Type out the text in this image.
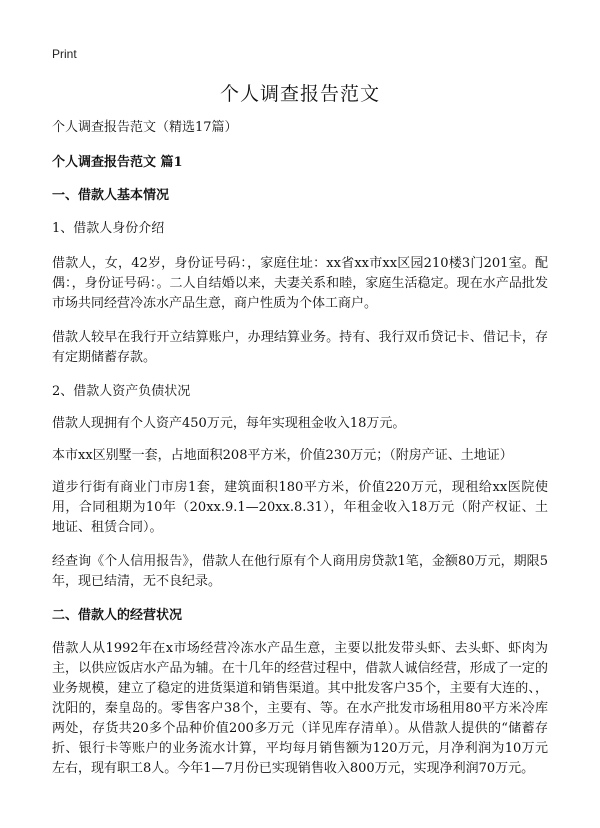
Print
个人调查报告范文

个人调查报告范文（精选17篇）

个人调查报告范文 篇1

一、借款人基本情况

1、借款人身份介绍

借款人，女，42岁，身份证号码：，家庭住址：xx省xx市xx区园210楼3门201室。配偶：，身份证号码：。二人自结婚以来，夫妻关系和睦，家庭生活稳定。现在水产品批发市场共同经营冷冻水产品生意，商户性质为个体工商户。

借款人较早在我行开立结算账户，办理结算业务。持有、我行双币贷记卡、借记卡，存有定期储蓄存款。

2、借款人资产负债状况

借款人现拥有个人资产450万元，每年实现租金收入18万元。

本市xx区别墅一套，占地面积208平方米，价值230万元；（附房产证、土地证）

道步行街有商业门市房1套，建筑面积180平方米，价值220万元，现租给xx医院使用，合同租期为10年（20xx.9.1—20xx.8.31），年租金收入18万元（附产权证、土地证、租赁合同）。

经查询《个人信用报告》，借款人在他行原有个人商用房贷款1笔，金额80万元，期限5年，现已结清，无不良纪录。

二、借款人的经营状况

借款人从1992年在x市场经营冷冻水产品生意，主要以批发带头虾、去头虾、虾肉为主，以供应饭店水产品为辅。在十几年的经营过程中，借款人诚信经营，形成了一定的业务规模，建立了稳定的进货渠道和销售渠道。其中批发客户35个，主要有大连的、，沈阳的，秦皇岛的。零售客户38个，主要有、等。在水产批发市场租用80平方米冷库两处，存货共20多个品种价值200多万元（详见库存清单）。从借款人提供的“储蓄存折、银行卡等账户的业务流水计算，平均每月销售额为120万元，月净利润为10万元左右，现有职工8人。今年1—7月份已实现销售收入800万元，实现净利润70万元。
